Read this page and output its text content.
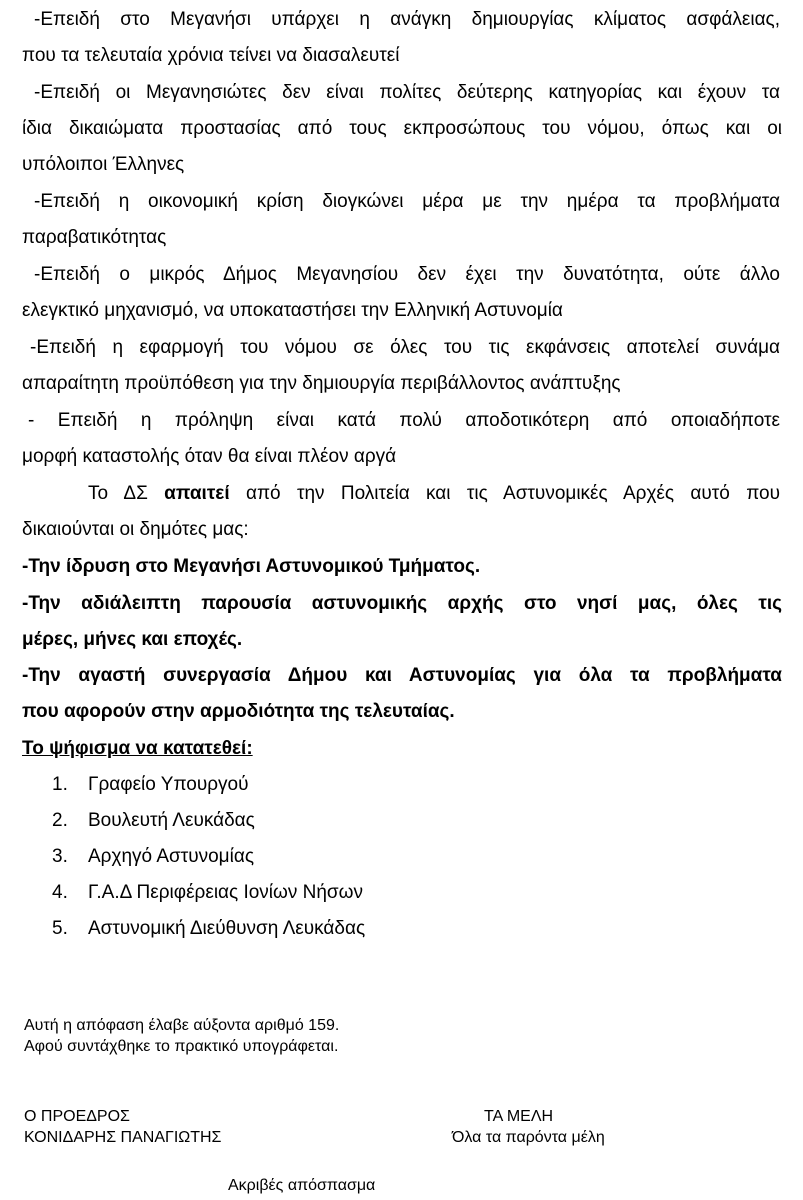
-Επειδή στο Μεγανήσι υπάρχει η ανάγκη δημιουργίας κλίματος ασφάλειας,
που τα τελευταία χρόνια τείνει να διασαλευτεί
-Επειδή οι Μεγανησιώτες δεν είναι πολίτες δεύτερης κατηγορίας και έχουν τα
ίδια δικαιώματα προστασίας από τους εκπροσώπους του νόμου, όπως και οι
υπόλοιποι Έλληνες
-Επειδή η οικονομική κρίση διογκώνει μέρα με την ημέρα τα προβλήματα
παραβατικότητας
-Επειδή ο μικρός Δήμος Μεγανησίου δεν έχει την δυνατότητα, ούτε άλλο
ελεγκτικό μηχανισμό, να υποκαταστήσει την Ελληνική Αστυνομία
-Επειδή η εφαρμογή του νόμου σε όλες του τις εκφάνσεις αποτελεί συνάμα
απαραίτητη προϋπόθεση για την δημιουργία περιβάλλοντος ανάπτυξης
- Επειδή η πρόληψη είναι κατά πολύ αποδοτικότερη από οποιαδήποτε
μορφή καταστολής όταν θα είναι πλέον αργά
Το ΔΣ απαιτεί από την Πολιτεία και τις Αστυνομικές Αρχές αυτό που
δικαιούνται οι δημότες μας:
-Την ίδρυση στο Μεγανήσι Αστυνομικού Τμήματος.
-Την αδιάλειπτη παρουσία αστυνομικής αρχής στο νησί μας, όλες τις
μέρες, μήνες και εποχές.
-Την αγαστή συνεργασία Δήμου και Αστυνομίας για όλα τα προβλήματα
που αφορούν στην αρμοδιότητα της τελευταίας.
Το ψήφισμα να κατατεθεί:
1. Γραφείο Υπουργού
2. Βουλευτή Λευκάδας
3. Αρχηγό Αστυνομίας
4. Γ.Α.Δ Περιφέρειας Ιονίων Νήσων
5. Αστυνομική Διεύθυνση Λευκάδας
Αυτή η απόφαση έλαβε αύξοντα αριθμό 159.
Αφού συντάχθηκε το πρακτικό υπογράφεται.
Ο ΠΡΟΕΔΡΟΣ
ΚΟΝΙΔΑΡΗΣ ΠΑΝΑΓΙΩΤΗΣ
ΤΑ ΜΕΛΗ
Όλα τα παρόντα μέλη
Ακριβές απόσπασμα
